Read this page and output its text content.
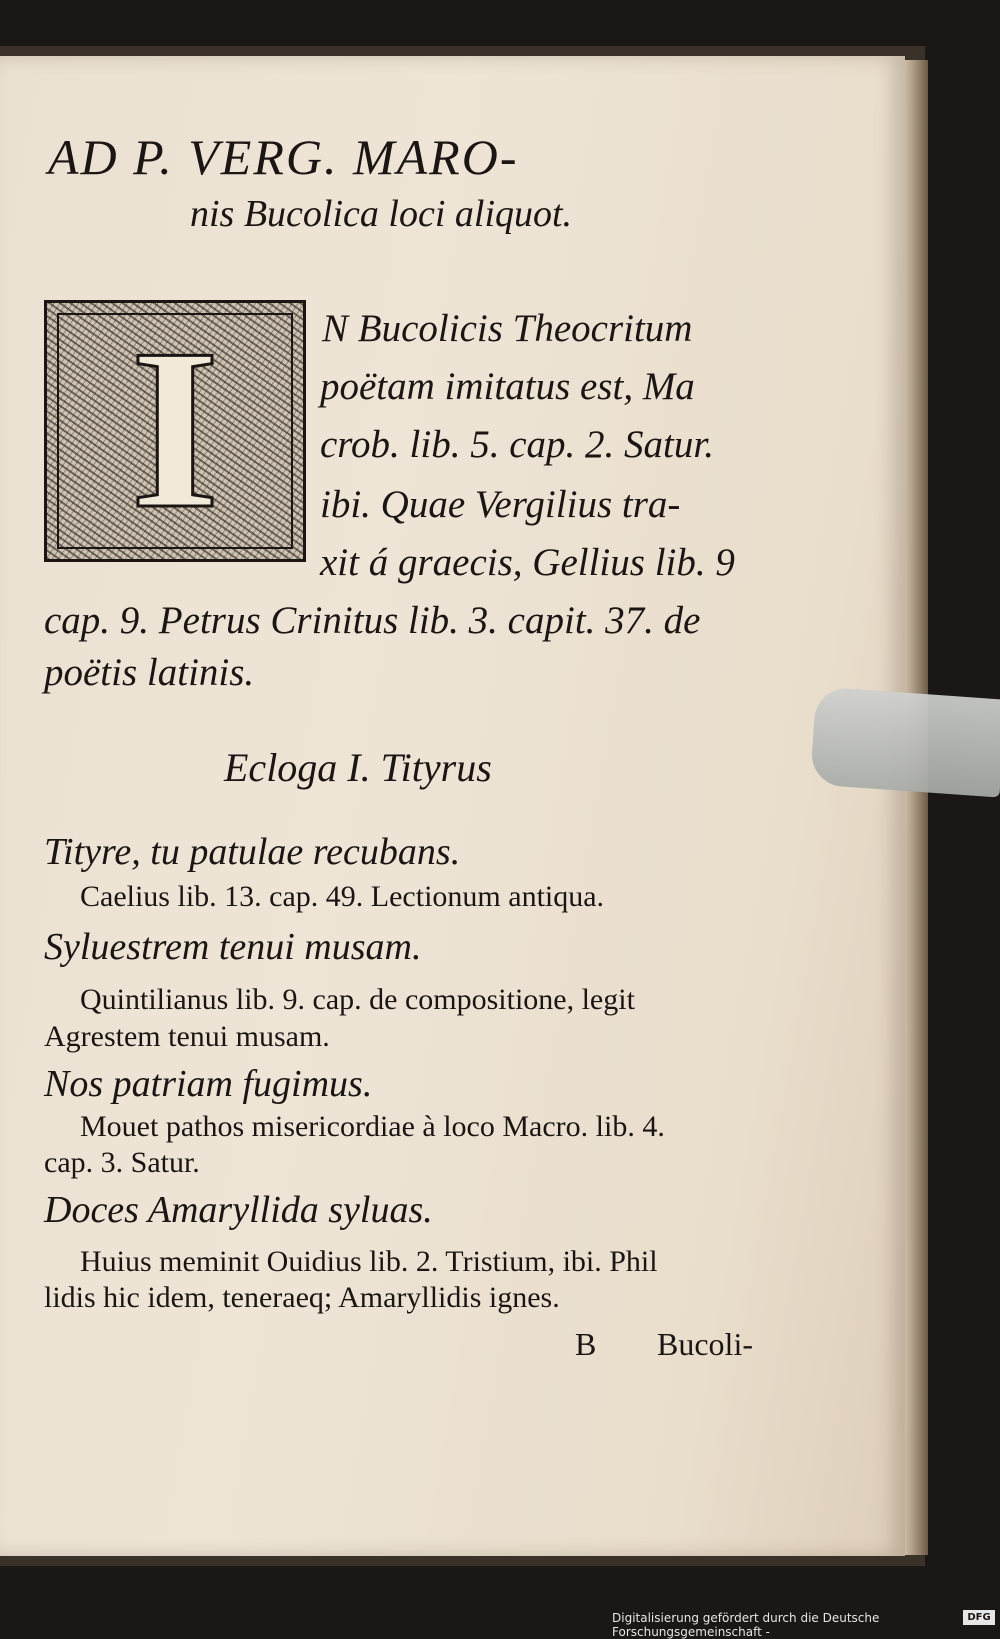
AD P. VERG. MARO-
nis Bucolica loci aliquot.
I	N Bucolicis Theocritum
poëtam imitatus est, Ma
crob. lib. 5. cap. 2. Satur.
ibi. Quae Vergilius tra-
xit á graecis, Gellius lib. 9
cap. 9. Petrus Crinitus lib. 3. capit. 37. de
poëtis latinis.
Ecloga I. Tityrus
Tityre, tu patulae recubans.
Caelius lib. 13. cap. 49. Lectionum antiqua.
Syluestrem tenui musam.
Quintilianus lib. 9. cap. de compositione, legit
Agrestem tenui musam.
Nos patriam fugimus.
Mouet pathos misericordiae à loco Macro. lib. 4.
cap. 3. Satur.
Doces Amaryllida syluas.
Huius meminit Ouidius lib. 2. Tristium, ibi. Phil
lidis hic idem, teneraeq; Amaryllidis ignes.
B Bucoli-
Digitalisierung gefördert durch die Deutsche Forschungsgemeinschaft -
DFG
